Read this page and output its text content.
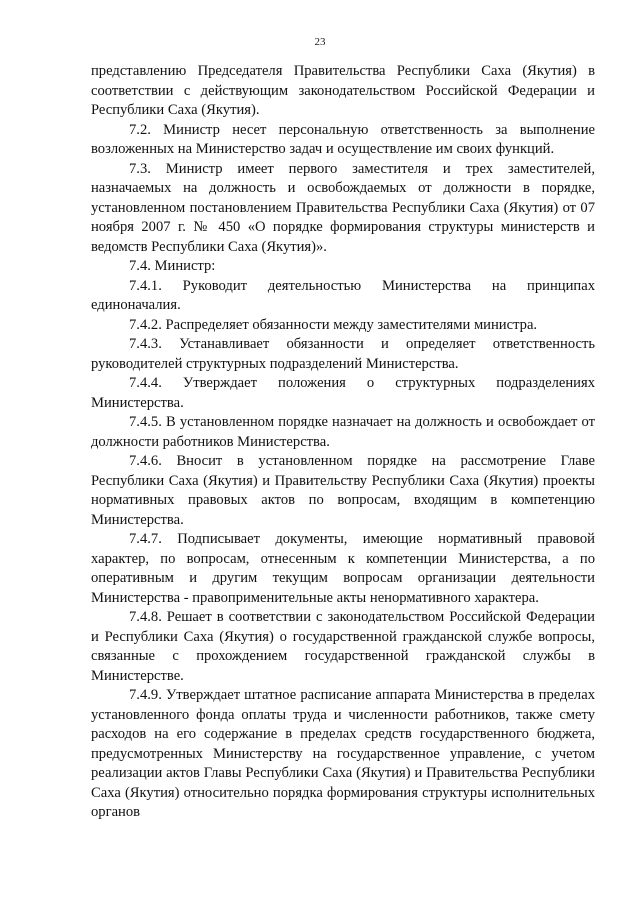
23

представлению Председателя Правительства Республики Саха (Якутия) в соответствии с действующим законодательством Российской Федерации и Республики Саха (Якутия).

7.2. Министр несет персональную ответственность за выполнение возложенных на Министерство задач и осуществление им своих функций.

7.3. Министр имеет первого заместителя и трех заместителей, назначаемых на должность и освобождаемых от должности в порядке, установленном постановлением Правительства Республики Саха (Якутия) от 07 ноября 2007 г. № 450 «О порядке формирования структуры министерств и ведомств Республики Саха (Якутия)».

7.4. Министр:

7.4.1. Руководит деятельностью Министерства на принципах единоначалия.

7.4.2. Распределяет обязанности между заместителями министра.

7.4.3. Устанавливает обязанности и определяет ответственность руководителей структурных подразделений Министерства.

7.4.4. Утверждает положения о структурных подразделениях Министерства.

7.4.5. В установленном порядке назначает на должность и освобождает от должности работников Министерства.

7.4.6. Вносит в установленном порядке на рассмотрение Главе Республики Саха (Якутия) и Правительству Республики Саха (Якутия) проекты нормативных правовых актов по вопросам, входящим в компетенцию Министерства.

7.4.7. Подписывает документы, имеющие нормативный правовой характер, по вопросам, отнесенным к компетенции Министерства, а по оперативным и другим текущим вопросам организации деятельности Министерства - правоприменительные акты ненормативного характера.

7.4.8. Решает в соответствии с законодательством Российской Федерации и Республики Саха (Якутия) о государственной гражданской службе вопросы, связанные с прохождением государственной гражданской службы в Министерстве.

7.4.9. Утверждает штатное расписание аппарата Министерства в пределах установленного фонда оплаты труда и численности работников, также смету расходов на его содержание в пределах средств государственного бюджета, предусмотренных Министерству на государственное управление, с учетом реализации актов Главы Республики Саха (Якутия) и Правительства Республики Саха (Якутия) относительно порядка формирования структуры исполнительных органов
